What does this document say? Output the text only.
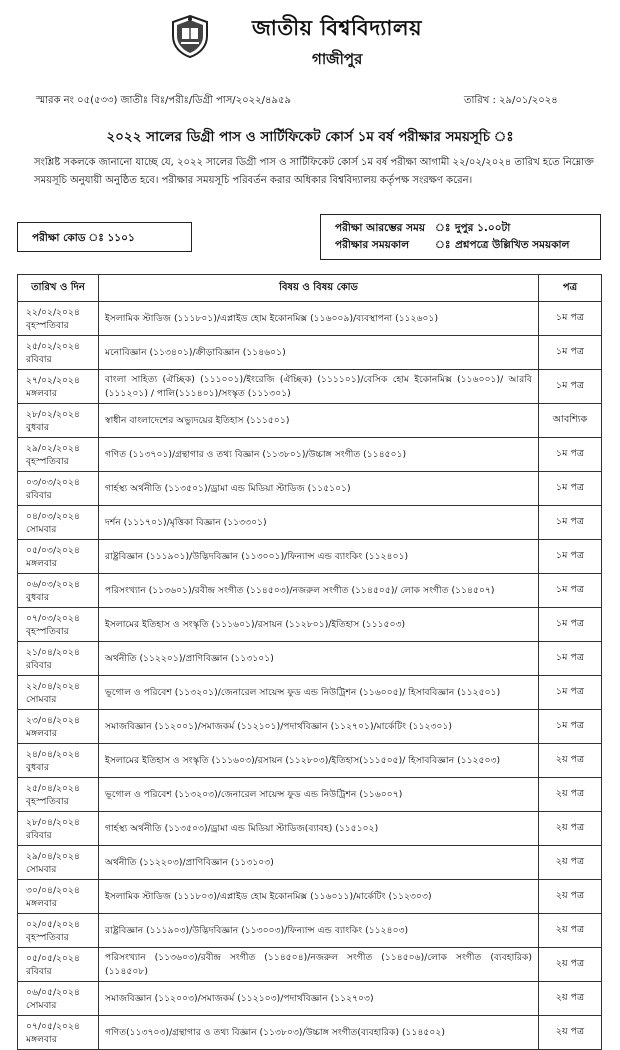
জাতীয় বিশ্ববিদ্যালয়
গাজীপুর
স্মারক নং ০৫(৫৩৩) জাতীঃ বিঃ/পরীঃ/ডিগ্রী পাস/২০২২/৪৯৫৯	তারিখ : ২৯/০১/২০২৪
২০২২ সালের ডিগ্রী পাস ও সার্টিফিকেট কোর্স ১ম বর্ষ পরীক্ষার সময়সূচি ঃ
সংশ্লিষ্ট সকলকে জানানো যাচ্ছে যে, ২০২২ সালের ডিগ্রী পাস ও সার্টিফিকেট কোর্স ১ম বর্ষ পরীক্ষা আগামী ২২/০২/২০২৪ তারিখ হতে নিম্নোক্ত সময়সূচি অনুযায়ী অনুষ্ঠিত হবে। পরীক্ষার সময়সূচি পরিবর্তন করার অধিকার বিশ্ববিদ্যালয় কর্তৃপক্ষ সংরক্ষণ করেন।
পরীক্ষা কোড ঃ ১১০১
পরীক্ষা আরম্ভের সময় ঃ দুপুর ১.০০টা
পরীক্ষার সময়কাল ঃ প্রশ্নপত্রে উল্লিখিত সময়কাল
তারিখ ও দিন	বিষয় ও বিষয় কোড	পত্র

২২/০২/২০২৪
বৃহস্পতিবার	ইসলামিক স্টাডিজ (১১১৮০১)/এপ্লাইড হোম ইকোনমিক্স (১১৬০০৯)/ব্যবস্থাপনা (১১২৬০১)	১ম পত্র

২৫/০২/২০২৪
রবিবার	মনোবিজ্ঞান (১১৩৪০১)/ক্রীড়াবিজ্ঞান (১১৪৬০১)	১ম পত্র

২৭/০২/২০২৪
মঙ্গলবার	বাংলা সাহিত্য (ঐচ্ছিক) (১১১০০১)/ইংরেজি (ঐচ্ছিক) (১১১১০১)/বেসিক হোম ইকোনমিক্স (১১৬০০১)/ আরবি (১১১২০১) / পালি(১১১৪০১)/সংস্কৃত (১১১৩০১)	১ম পত্র

২৮/০২/২০২৪
বুধবার	স্বাধীন বাংলাদেশের অভ্যুদয়ের ইতিহাস (১১১৫০১)	আবশ্যিক

২৯/০২/২০২৪
বৃহস্পতিবার	গণিত (১১৩৭০১)/গ্রন্থাগার ও তথ্য বিজ্ঞান (১১৩৮০১)/উচ্চাঙ্গ সংগীত (১১৪৫০১)	১ম পত্র

০৩/০৩/২০২৪
রবিবার	গার্হস্থ্য অর্থনীতি (১১৩৫০১)/ড্রামা এন্ড মিডিয়া স্টাডিজ (১১৫১০১)	১ম পত্র

০৪/০৩/২০২৪
সোমবার	দর্শন (১১১৭০১)/মৃত্তিকা বিজ্ঞান (১১৩৩০১)	১ম পত্র

০৫/০৩/২০২৪
মঙ্গলবার	রাষ্ট্রবিজ্ঞান (১১১৯০১)/উদ্ভিদবিজ্ঞান (১১৩০০১)/ফিন্যান্স এন্ড ব্যাংকিং (১১২৪০১)	১ম পত্র

০৬/০৩/২০২৪
বুধবার	পরিসংখ্যান (১১৩৬০১)/রবীন্দ্র সংগীত (১১৪৫০৩)/নজরুল সংগীত (১১৪৫০৫)/ লোক সংগীত (১১৪৫০৭)	১ম পত্র

০৭/০৩/২০২৪
বৃহস্পতিবার	ইসলামের ইতিহাস ও সংস্কৃতি (১১১৬০১)/রসায়ন (১১২৮০১)/ইতিহাস (১১১৫০৩)	১ম পত্র

২১/০৪/২০২৪
রবিবার	অর্থনীতি (১১২২০১)/প্রাণিবিজ্ঞান (১১৩১০১)	১ম পত্র

২২/০৪/২০২৪
সোমবার	ভূগোল ও পরিবেশ (১১৩২০১)/জেনারেল সায়েন্স ফুড এন্ড নিউট্রিশন (১১৬০০৫)/ হিসাববিজ্ঞান (১১২৫০১)	১ম পত্র

২৩/০৪/২০২৪
মঙ্গলবার	সমাজবিজ্ঞান (১১২০০১)/সমাজকর্ম (১১২১০১)/পদার্থবিজ্ঞান (১১২৭০১)/মার্কেটিং (১১২৩০১)	১ম পত্র

২৪/০৪/২০২৪
বুধবার	ইসলামের ইতিহাস ও সংস্কৃতি (১১১৬০৩)/রসায়ন (১১২৮০৩)/ইতিহাস(১১১৫০৫)/ হিসাববিজ্ঞান (১১২৫০৩)	২য় পত্র

২৫/০৪/২০২৪
বৃহস্পতিবার	ভূগোল ও পরিবেশ (১১৩২০৩)/জেনারেল সায়েন্স ফুড এন্ড নিউট্রিশন (১১৬০০৭)	২য় পত্র

২৮/০৪/২০২৪
রবিবার	গার্হস্থ্য অর্থনীতি (১১৩৫০৩)/ড্রামা এন্ড মিডিয়া স্টাডিজ(ব্যাবহ) (১১৫১০২)	২য় পত্র

২৯/০৪/২০২৪
সোমবার	অর্থনীতি (১১২২০৩)/প্রাণিবিজ্ঞান (১১৩১০৩)	২য় পত্র

৩০/০৪/২০২৪
মঙ্গলবার	ইসলামিক স্টাডিজ (১১১৮০৩)/এপ্লাইড হোম ইকোনমিক্স (১১৬০১১)/মার্কেটিং (১১২৩০৩)	২য় পত্র

০২/০৫/২০২৪
বৃহস্পতিবার	রাষ্ট্রবিজ্ঞান (১১১৯০৩)/উদ্ভিদবিজ্ঞান (১১৩০০৩)/ফিন্যান্স এন্ড ব্যাংকিং (১১২৪০৩)	২য় পত্র

০৫/০৫/২০২৪
রবিবার	পরিসংখ্যান (১১৩৬০৩)/রবীন্দ্র সংগীত (১১৪৫০৪)/নজরুল সংগীত (১১৪৫০৬)/লোক সংগীত (ব্যবহারিক) (১১৪৫০৮)	২য় পত্র

০৬/০৫/২০২৪
সোমবার	সমাজবিজ্ঞান (১১২০০৩)/সমাজকর্ম (১১২১০৩)/পদার্থবিজ্ঞান (১১২৭০৩)	২য় পত্র

০৭/০৫/২০২৪
মঙ্গলবার	গণিত(১১৩৭০৩)/গ্রন্থাগার ও তথ্য বিজ্ঞান (১১৩৮০৩)/উচ্চাঙ্গ সংগীত(ব্যবহারিক) (১১৪৫০২)	২য় পত্র
